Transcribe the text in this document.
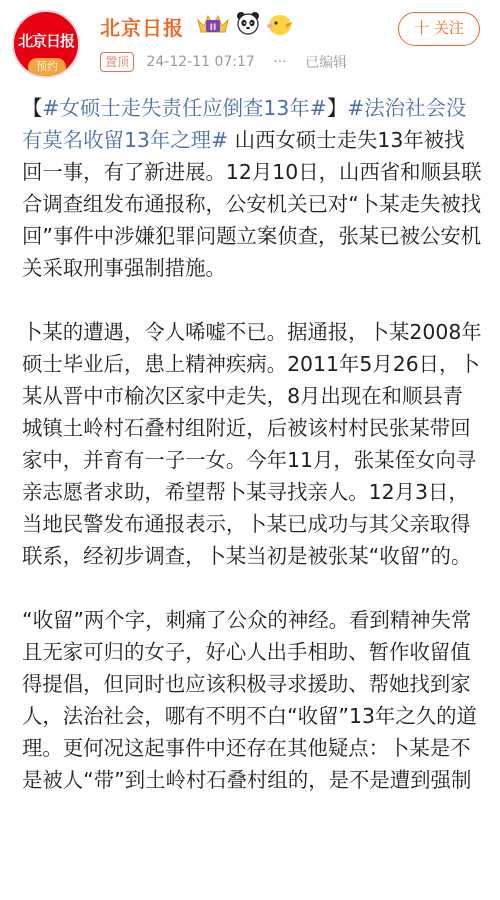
北京日报
预约
北京日报	II
置顶 24-12-11 07:17 ··· 已编辑
十 关注

【#女硕士走失责任应倒查13年#】#法治社会没有莫名收留13年之理# 山西女硕士走失13年被找回一事，有了新进展。12月10日，山西省和顺县联合调查组发布通报称，公安机关已对“卜某走失被找回”事件中涉嫌犯罪问题立案侦查，张某已被公安机关采取刑事强制措施。

卜某的遭遇，令人唏嘘不已。据通报，卜某2008年硕士毕业后，患上精神疾病。2011年5月26日，卜某从晋中市榆次区家中走失，8月出现在和顺县青城镇土岭村石叠村组附近，后被该村村民张某带回家中，并育有一子一女。今年11月，张某侄女向寻亲志愿者求助，希望帮卜某寻找亲人。12月3日，当地民警发布通报表示，卜某已成功与其父亲取得联系，经初步调查，卜某当初是被张某“收留”的。

“收留”两个字，刺痛了公众的神经。看到精神失常且无家可归的女子，好心人出手相助、暂作收留值得提倡，但同时也应该积极寻求援助、帮她找到家人，法治社会，哪有不明不白“收留”13年之久的道理。更何况这起事件中还存在其他疑点：卜某是不是被人“带”到土岭村石叠村组的，是不是遭到强制
